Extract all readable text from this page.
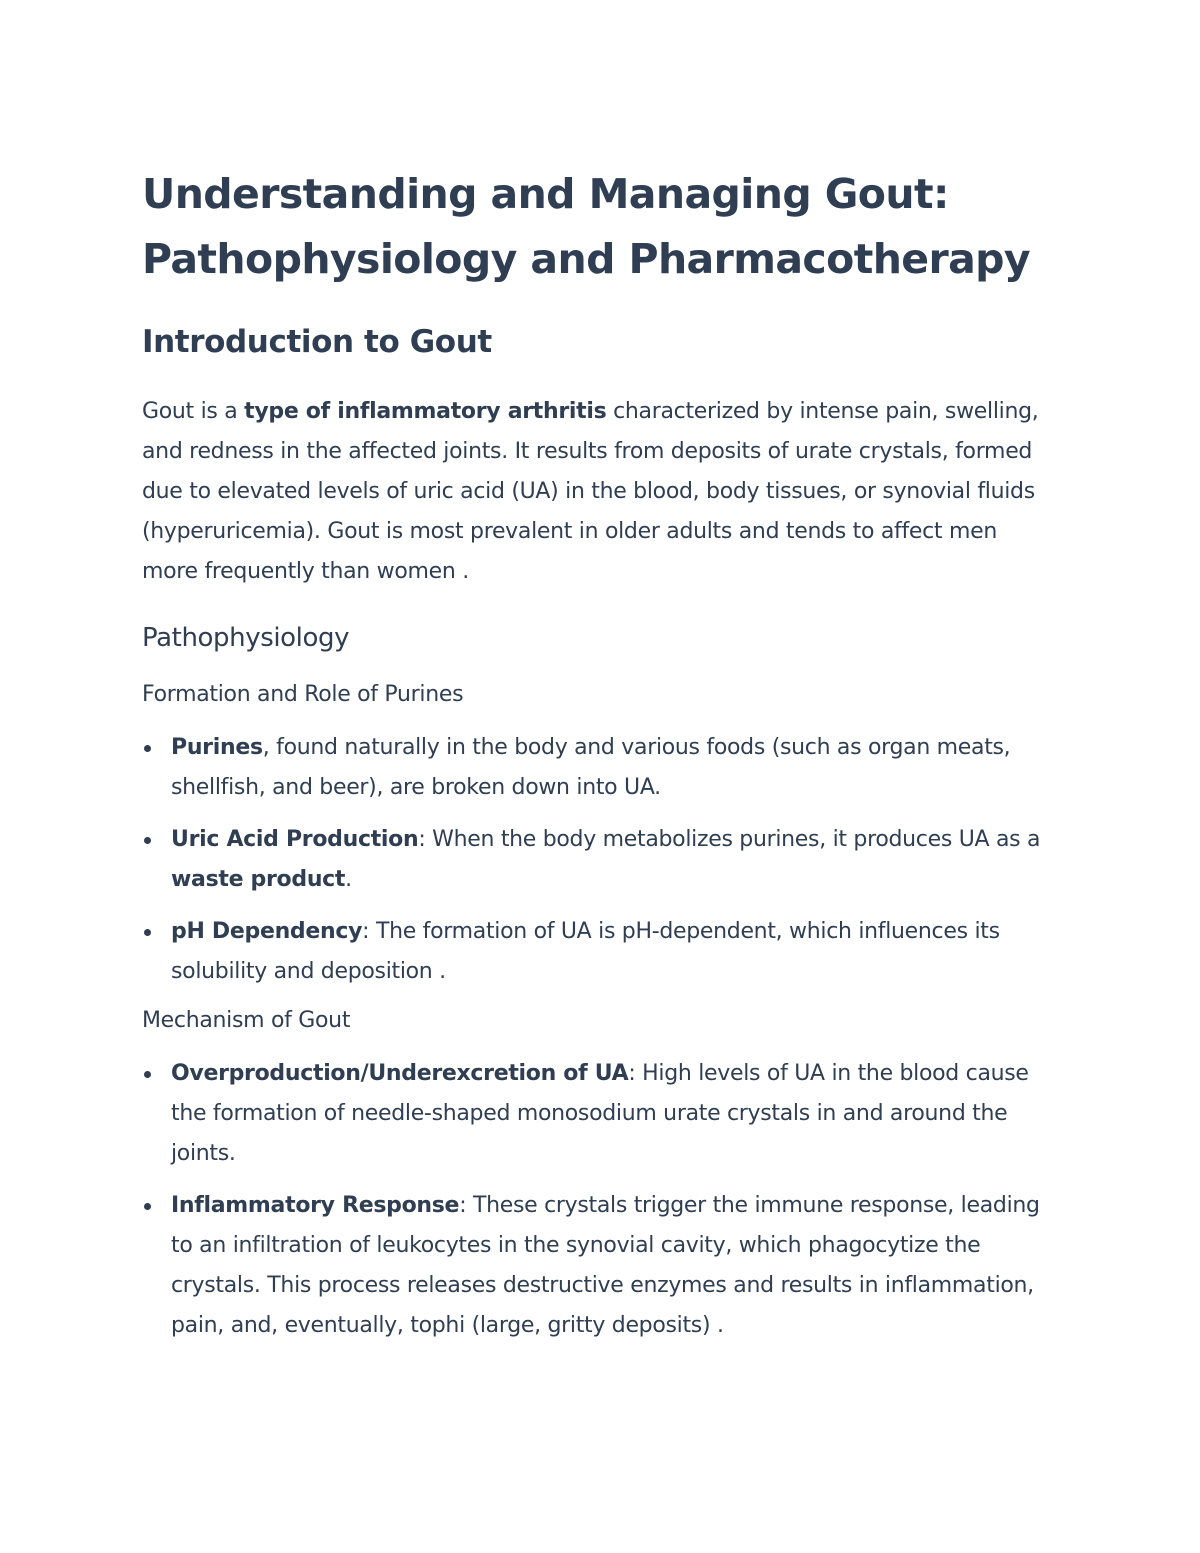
Understanding and Managing Gout:
Pathophysiology and Pharmacotherapy
Introduction to Gout

Gout is a type of inflammatory arthritis characterized by intense pain, swelling, and redness in the affected joints. It results from deposits of urate crystals, formed due to elevated levels of uric acid (UA) in the blood, body tissues, or synovial fluids (hyperuricemia). Gout is most prevalent in older adults and tends to affect men more frequently than women .

Pathophysiology
Formation and Role of Purines
Purines, found naturally in the body and various foods (such as organ meats, shellfish, and beer), are broken down into UA.
Uric Acid Production: When the body metabolizes purines, it produces UA as a waste product.
pH Dependency: The formation of UA is pH-dependent, which influences its solubility and deposition .
Mechanism of Gout
Overproduction/Underexcretion of UA: High levels of UA in the blood cause the formation of needle-shaped monosodium urate crystals in and around the joints.
Inflammatory Response: These crystals trigger the immune response, leading to an infiltration of leukocytes in the synovial cavity, which phagocytize the crystals. This process releases destructive enzymes and results in inflammation, pain, and, eventually, tophi (large, gritty deposits) .
